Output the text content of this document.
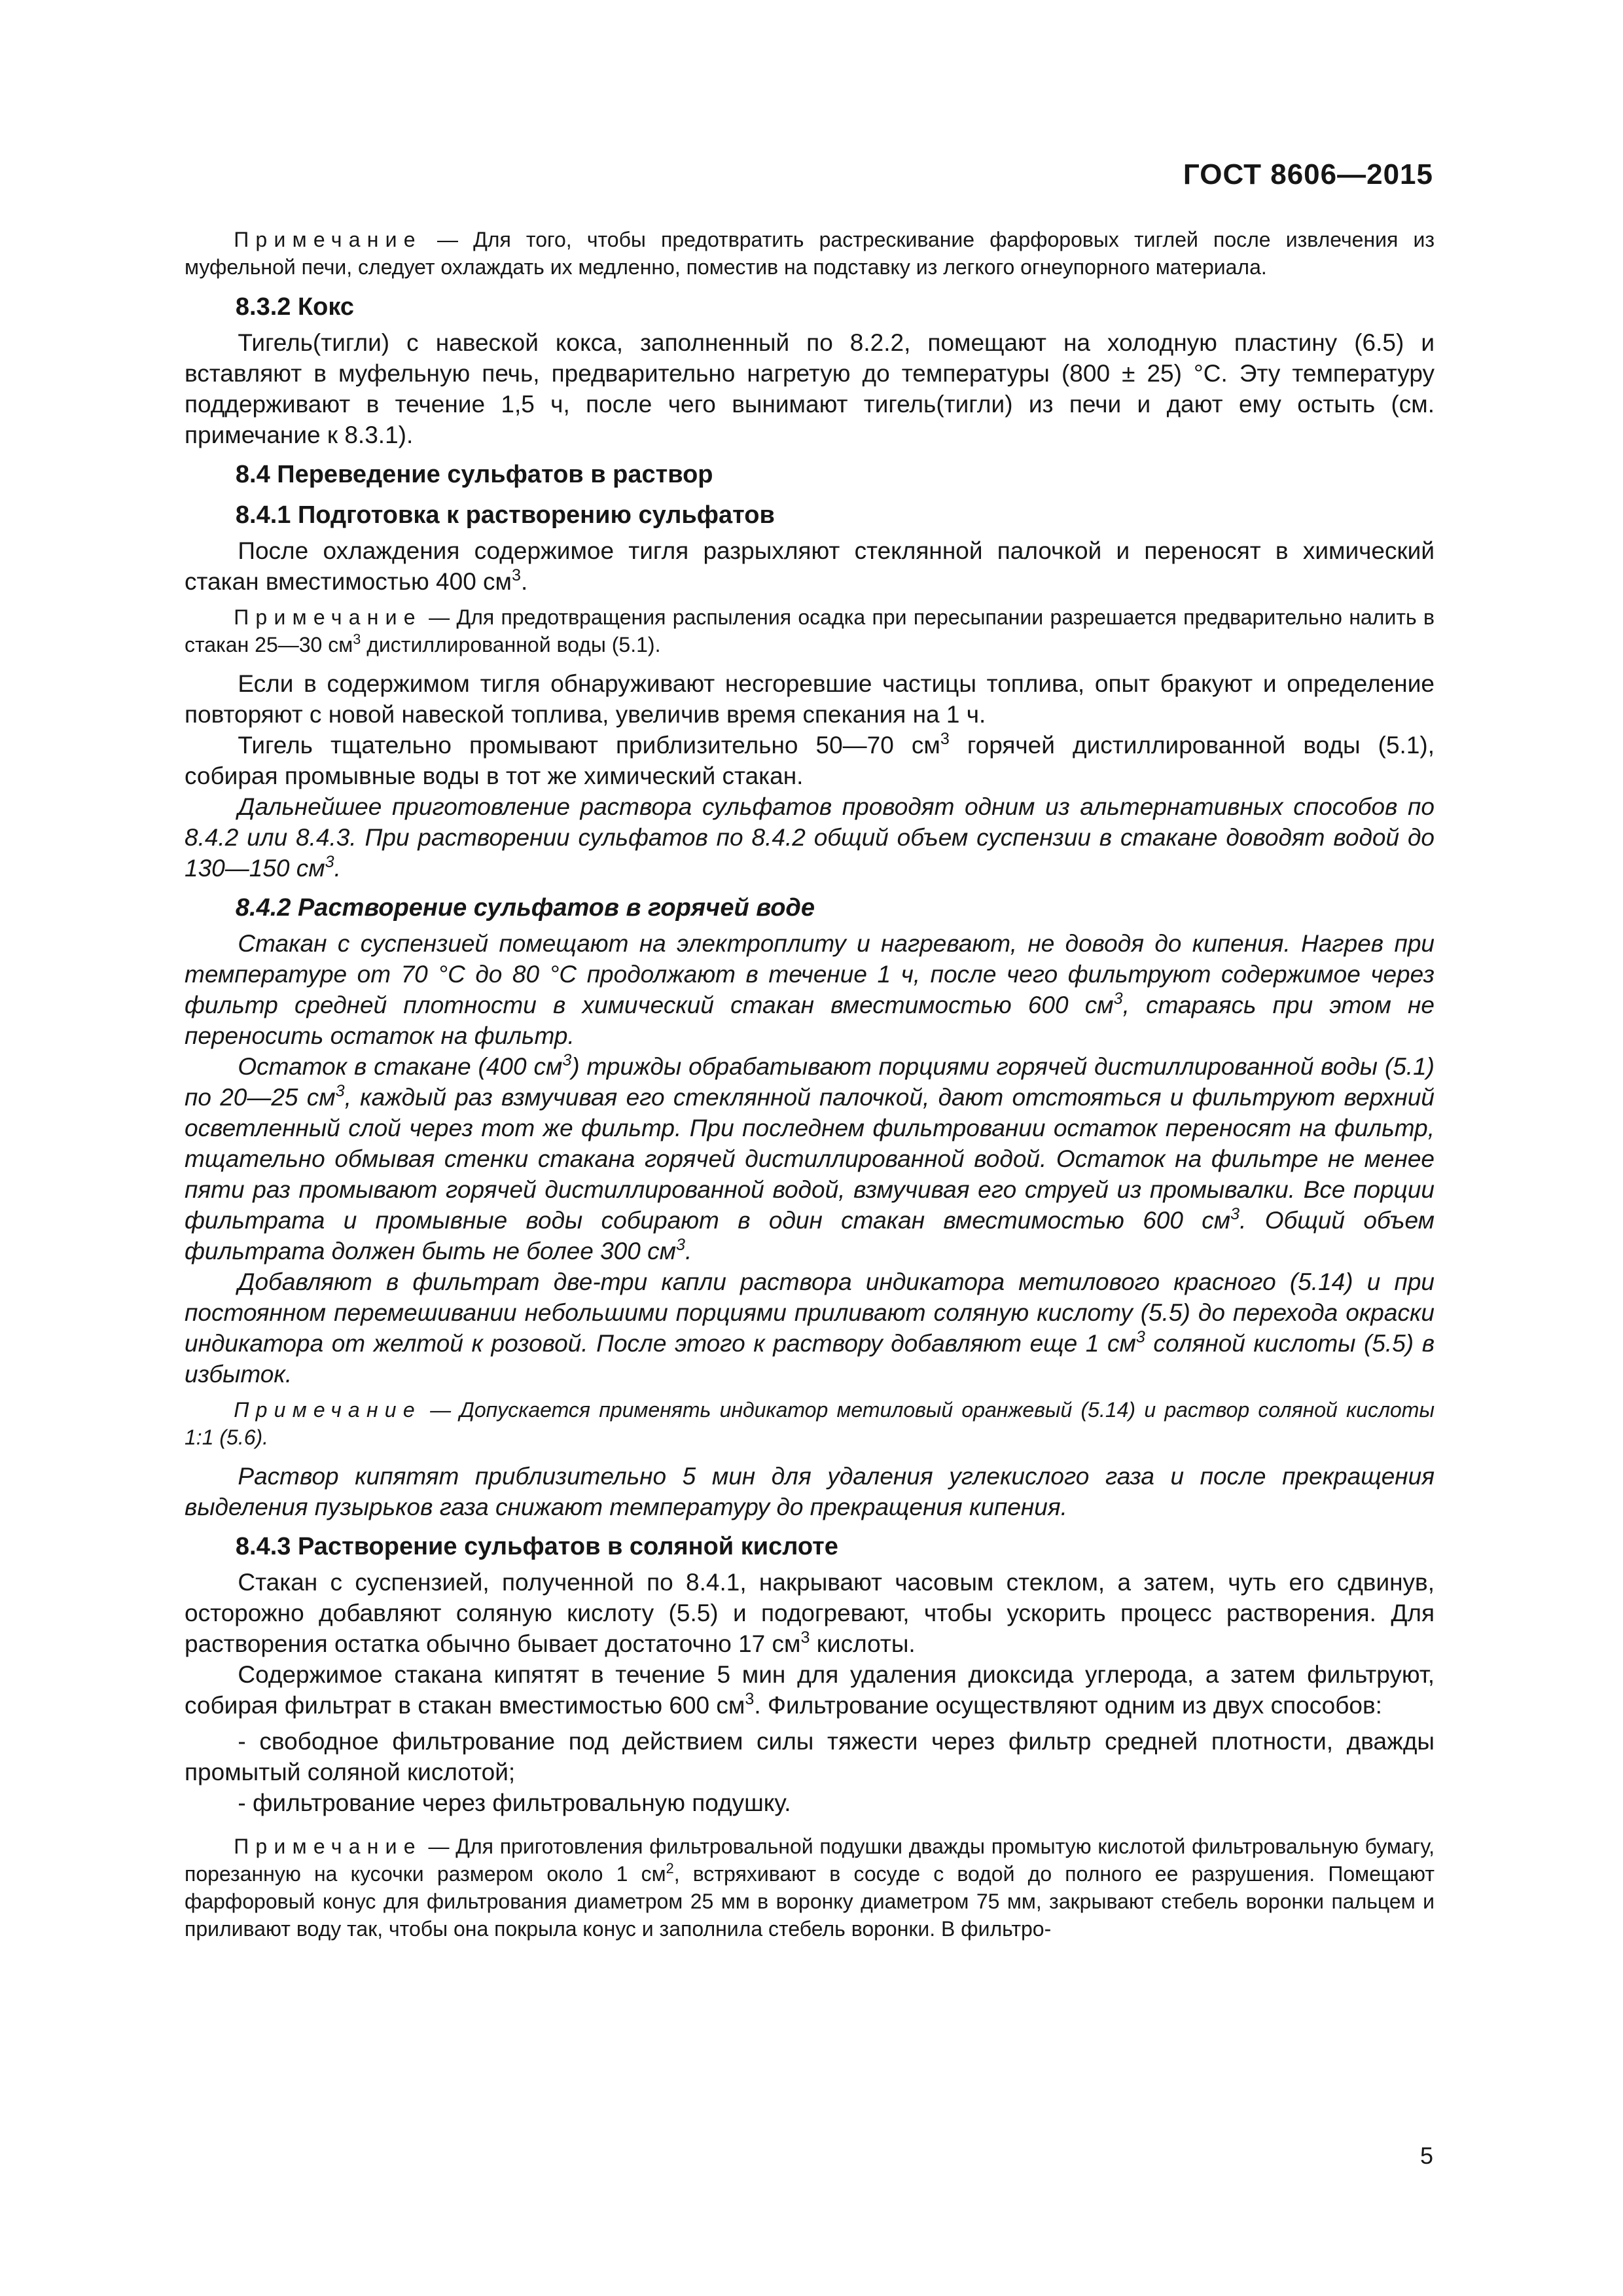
ГОСТ 8606—2015

Примечание — Для того, чтобы предотвратить растрескивание фарфоровых тиглей после извлечения из муфельной печи, следует охлаждать их медленно, поместив на подставку из легкого огнеупорного материала.

8.3.2 Кокс

Тигель(тигли) с навеской кокса, заполненный по 8.2.2, помещают на холодную пластину (6.5) и вставляют в муфельную печь, предварительно нагретую до температуры (800 ± 25) °С. Эту температуру поддерживают в течение 1,5 ч, после чего вынимают тигель(тигли) из печи и дают ему остыть (см. примечание к 8.3.1).

8.4 Переведение сульфатов в раствор
8.4.1 Подготовка к растворению сульфатов

После охлаждения содержимое тигля разрыхляют стеклянной палочкой и переносят в химический стакан вместимостью 400 $см^3$.

Примечание — Для предотвращения распыления осадка при пересыпании разрешается предварительно налить в стакан 25—30 $см^3$ дистиллированной воды (5.1).

Если в содержимом тигля обнаруживают несгоревшие частицы топлива, опыт бракуют и определение повторяют с новой навеской топлива, увеличив время спекания на 1 ч.

Тигель тщательно промывают приблизительно 50—70 $см^3$ горячей дистиллированной воды (5.1), собирая промывные воды в тот же химический стакан.

Дальнейшее приготовление раствора сульфатов проводят одним из альтернативных способов по 8.4.2 или 8.4.3. При растворении сульфатов по 8.4.2 общий объем суспензии в стакане доводят водой до 130—150 $см^3$.

8.4.2 Растворение сульфатов в горячей воде

Стакан с суспензией помещают на электроплиту и нагревают, не доводя до кипения. Нагрев при температуре от 70 °С до 80 °С продолжают в течение 1 ч, после чего фильтруют содержимое через фильтр средней плотности в химический стакан вместимостью 600 $см^3$, стараясь при этом не переносить остаток на фильтр.

Остаток в стакане (400 $см^3$) трижды обрабатывают порциями горячей дистиллированной воды (5.1) по 20—25 $см^3$, каждый раз взмучивая его стеклянной палочкой, дают отстояться и фильтруют верхний осветленный слой через тот же фильтр. При последнем фильтровании остаток переносят на фильтр, тщательно обмывая стенки стакана горячей дистиллированной водой. Остаток на фильтре не менее пяти раз промывают горячей дистиллированной водой, взмучивая его струей из промывалки. Все порции фильтрата и промывные воды собирают в один стакан вместимостью 600 $см^3$. Общий объем фильтрата должен быть не более 300 $см^3$.

Добавляют в фильтрат две-три капли раствора индикатора метилового красного (5.14) и при постоянном перемешивании небольшими порциями приливают соляную кислоту (5.5) до перехода окраски индикатора от желтой к розовой. После этого к раствору добавляют еще 1 $см^3$ соляной кислоты (5.5) в избыток.

Примечание — Допускается применять индикатор метиловый оранжевый (5.14) и раствор соляной кислоты 1:1 (5.6).

Раствор кипятят приблизительно 5 мин для удаления углекислого газа и после прекращения выделения пузырьков газа снижают температуру до прекращения кипения.

8.4.3 Растворение сульфатов в соляной кислоте

Стакан с суспензией, полученной по 8.4.1, накрывают часовым стеклом, а затем, чуть его сдвинув, осторожно добавляют соляную кислоту (5.5) и подогревают, чтобы ускорить процесс растворения. Для растворения остатка обычно бывает достаточно 17 $см^3$ кислоты.

Содержимое стакана кипятят в течение 5 мин для удаления диоксида углерода, а затем фильтруют, собирая фильтрат в стакан вместимостью 600 $см^3$. Фильтрование осуществляют одним из двух способов:

- свободное фильтрование под действием силы тяжести через фильтр средней плотности, дважды промытый соляной кислотой;

- фильтрование через фильтровальную подушку.

Примечание — Для приготовления фильтровальной подушки дважды промытую кислотой фильтровальную бумагу, порезанную на кусочки размером около 1 $см^2$, встряхивают в сосуде с водой до полного ее разрушения. Помещают фарфоровый конус для фильтрования диаметром 25 мм в воронку диаметром 75 мм, закрывают стебель воронки пальцем и приливают воду так, чтобы она покрыла конус и заполнила стебель воронки. В фильтро-

5
